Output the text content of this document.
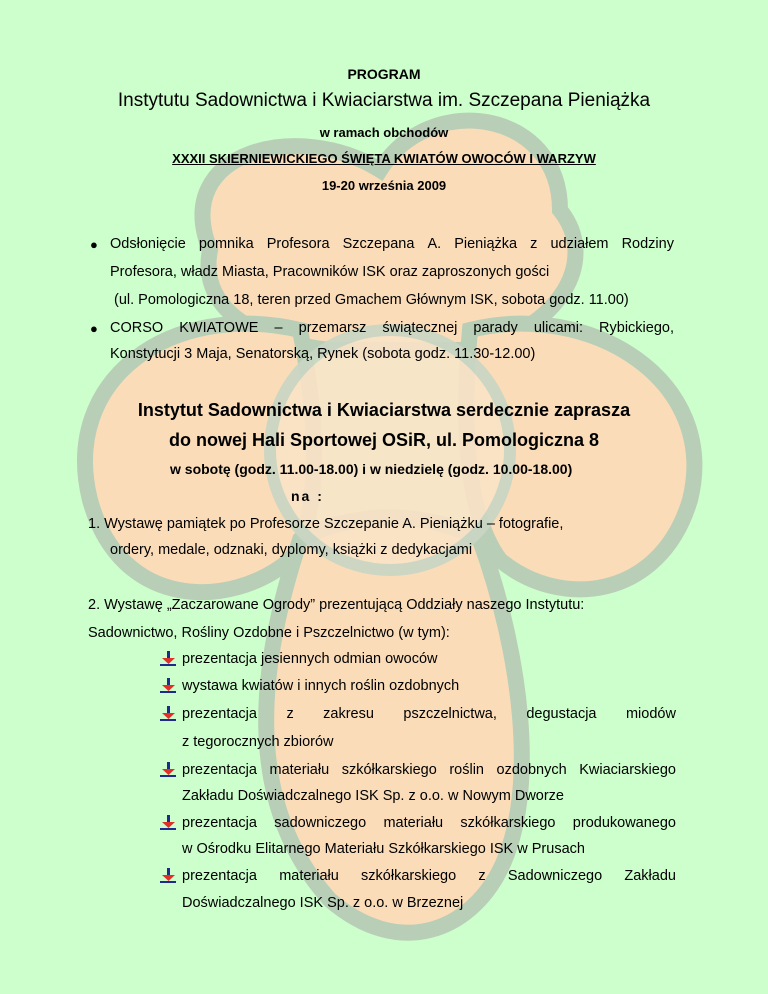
PROGRAM
Instytutu Sadownictwa i Kwiaciarstwa im. Szczepana Pieniążka
w ramach obchodów
XXXII SKIERNIEWICKIEGO ŚWIĘTA KWIATÓW OWOCÓW I WARZYW
19-20 września 2009
● Odsłonięcie pomnika Profesora Szczepana A. Pieniążka z udziałem Rodziny
Profesora, władz Miasta, Pracowników ISK oraz zaproszonych gości
(ul. Pomologiczna 18, teren przed Gmachem Głównym ISK, sobota godz. 11.00)
● CORSO KWIATOWE – przemarsz świątecznej parady ulicami: Rybickiego,
Konstytucji 3 Maja, Senatorską, Rynek (sobota godz. 11.30-12.00)
Instytut Sadownictwa i Kwiaciarstwa serdecznie zaprasza
do nowej Hali Sportowej OSiR, ul. Pomologiczna 8
w sobotę (godz. 11.00-18.00) i w niedzielę (godz. 10.00-18.00)
na :
1. Wystawę pamiątek po Profesorze Szczepanie A. Pieniążku – fotografie,
ordery, medale, odznaki, dyplomy, książki z dedykacjami
2. Wystawę „Zaczarowane Ogrody” prezentującą Oddziały naszego Instytutu:
Sadownictwo, Rośliny Ozdobne i Pszczelnictwo (w tym):
prezentacja jesiennych odmian owoców
wystawa kwiatów i innych roślin ozdobnych
prezentacja z zakresu pszczelnictwa, degustacja miodów
z tegorocznych zbiorów
prezentacja materiału szkółkarskiego roślin ozdobnych Kwiaciarskiego
Zakładu Doświadczalnego ISK Sp. z o.o. w Nowym Dworze
prezentacja sadowniczego materiału szkółkarskiego produkowanego
w Ośrodku Elitarnego Materiału Szkółkarskiego ISK w Prusach
prezentacja materiału szkółkarskiego z Sadowniczego Zakładu
Doświadczalnego ISK Sp. z o.o. w Brzeznej
